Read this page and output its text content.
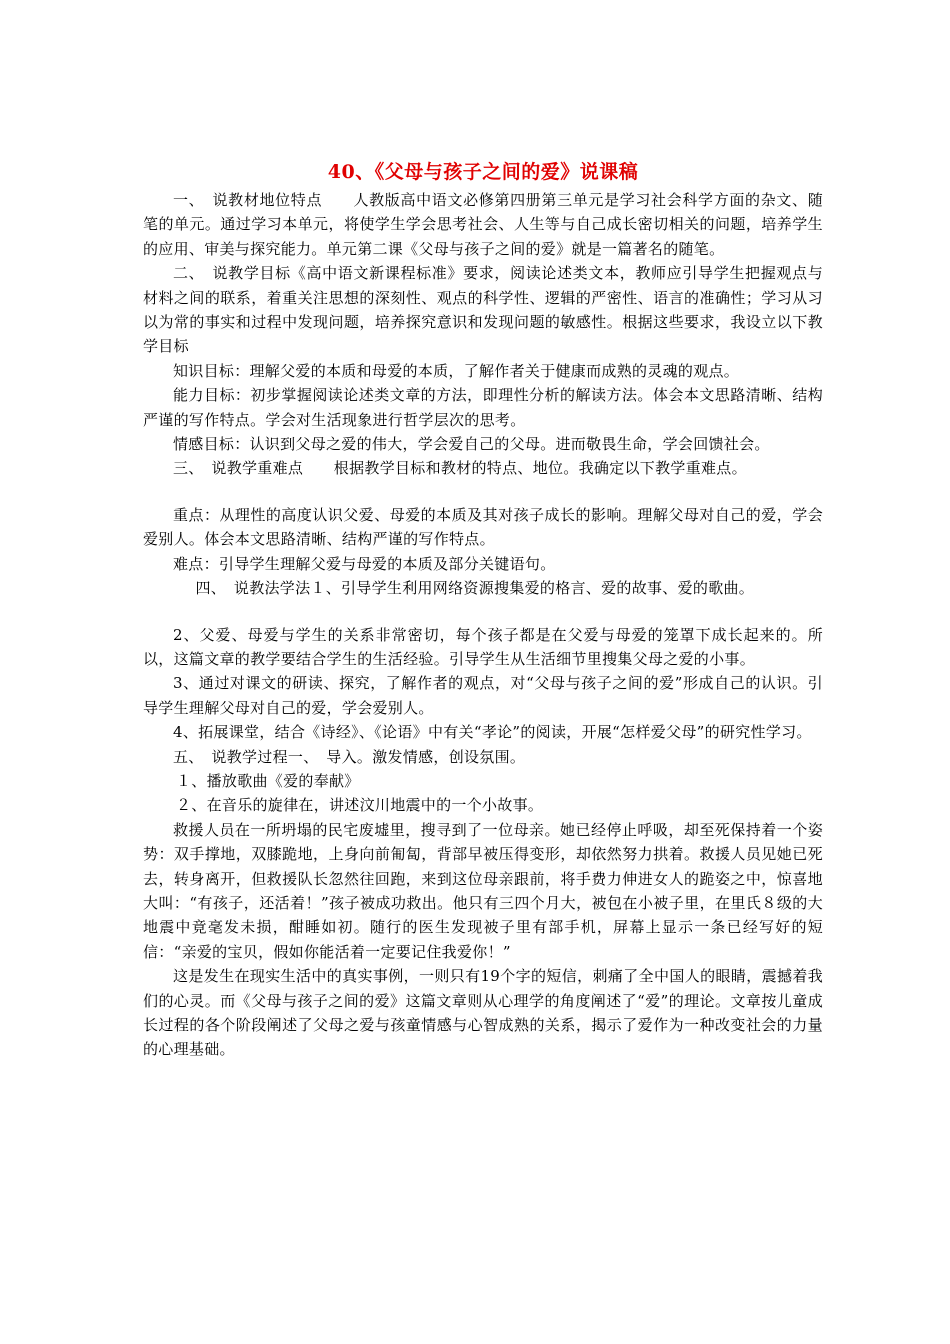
40、《父母与孩子之间的爱》说课稿

一、　说教材地位特点　　人教版高中语文必修第四册第三单元是学习社会科学方面的杂文、随笔的单元。通过学习本单元，将使学生学会思考社会、人生等与自己成长密切相关的问题，培养学生的应用、审美与探究能力。单元第二课《父母与孩子之间的爱》就是一篇著名的随笔。

二、　说教学目标《高中语文新课程标准》要求，阅读论述类文本，教师应引导学生把握观点与材料之间的联系，着重关注思想的深刻性、观点的科学性、逻辑的严密性、语言的准确性；学习从习以为常的事实和过程中发现问题，培养探究意识和发现问题的敏感性。根据这些要求，我设立以下教学目标

知识目标：理解父爱的本质和母爱的本质，了解作者关于健康而成熟的灵魂的观点。

能力目标：初步掌握阅读论述类文章的方法，即理性分析的解读方法。体会本文思路清晰、结构严谨的写作特点。学会对生活现象进行哲学层次的思考。

情感目标：认识到父母之爱的伟大，学会爱自己的父母。进而敬畏生命，学会回馈社会。

三、　说教学重难点　　根据教学目标和教材的特点、地位。我确定以下教学重难点。

重点：从理性的高度认识父爱、母爱的本质及其对孩子成长的影响。理解父母对自己的爱，学会爱别人。体会本文思路清晰、结构严谨的写作特点。

难点：引导学生理解父爱与母爱的本质及部分关键语句。

四、　说教法学法１、引导学生利用网络资源搜集爱的格言、爱的故事、爱的歌曲。

2、父爱、母爱与学生的关系非常密切，每个孩子都是在父爱与母爱的笼罩下成长起来的。所以，这篇文章的教学要结合学生的生活经验。引导学生从生活细节里搜集父母之爱的小事。

3、通过对课文的研读、探究，了解作者的观点，对“父母与孩子之间的爱”形成自己的认识。引导学生理解父母对自己的爱，学会爱别人。

4、拓展课堂，结合《诗经》、《论语》中有关“孝论”的阅读，开展“怎样爱父母”的研究性学习。

五、　说教学过程一、　导入。激发情感，创设氛围。

１、播放歌曲《爱的奉献》

２、在音乐的旋律在，讲述汶川地震中的一个小故事。

救援人员在一所坍塌的民宅废墟里，搜寻到了一位母亲。她已经停止呼吸，却至死保持着一个姿势：双手撑地，双膝跪地，上身向前匍匐，背部早被压得变形，却依然努力拱着。救援人员见她已死去，转身离开，但救援队长忽然往回跑，来到这位母亲跟前，将手费力伸进女人的跪姿之中，惊喜地大叫：“有孩子，还活着！”孩子被成功救出。他只有三四个月大，被包在小被子里，在里氏８级的大地震中竟毫发未损，酣睡如初。随行的医生发现被子里有部手机，屏幕上显示一条已经写好的短信：“亲爱的宝贝，假如你能活着一定要记住我爱你！”

这是发生在现实生活中的真实事例，一则只有19个字的短信，刺痛了全中国人的眼睛，震撼着我们的心灵。而《父母与孩子之间的爱》这篇文章则从心理学的角度阐述了“爱”的理论。文章按儿童成长过程的各个阶段阐述了父母之爱与孩童情感与心智成熟的关系，揭示了爱作为一种改变社会的力量的心理基础。
